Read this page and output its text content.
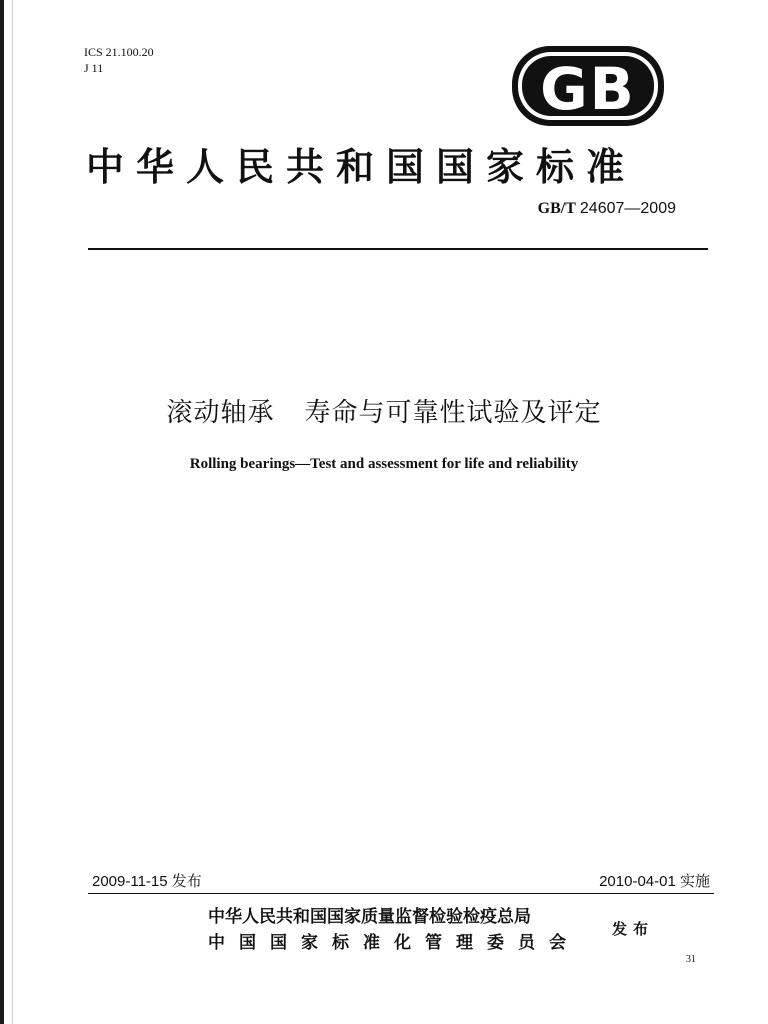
ICS 21.100.20
J 11	GB
中华人民共和国国家标准
GB/T 24607—2009
滚动轴承 寿命与可靠性试验及评定
Rolling bearings—Test and assessment for life and reliability
2009-11-15 发布	2010-04-01 实施
中华人民共和国国家质量监督检验检疫总局
中国国家标准化管理委员会
发布
31
